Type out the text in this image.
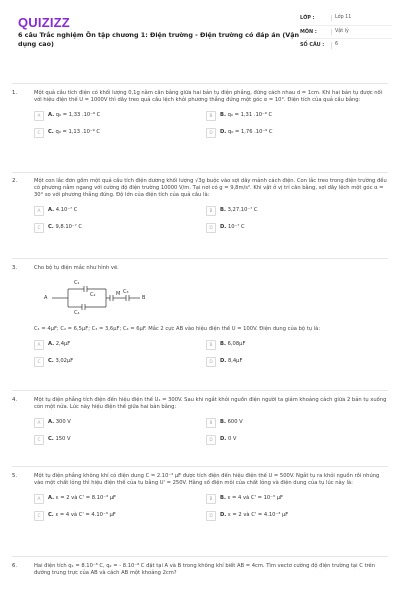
QUIZIZZ
6 câu Trắc nghiệm Ôn tập chương 1: Điện trường - Điện trường có đáp án (Vận dụng cao)
LỚP :	Lớp 11
MÔN :	Vật lý
SỐ CÂU :	6
1.	Một quả cầu tích điện có khối lượng 0,1g nằm cân bằng giữa hai bản tụ điện phẳng, đứng cách nhau d = 1cm. Khi hai bản tụ được nối với hiệu điện thế U = 1000V thì dây treo quả cầu lệch khỏi phương thẳng đứng một góc α = 10°. Điện tích của quả cầu bằng:
A	A. q₀ = 1,33 .10⁻⁹ C	B	B. q₀ = 1,31 .10⁻⁹ C
C	C. q₀ = 1,13 .10⁻⁹ C	D	D. q₀ = 1,76 .10⁻⁹ C
2.	Một con lắc đơn gồm một quả cầu tích điện dương khối lượng √3g buộc vào sợi dây mảnh cách điện. Con lắc treo trong điện trường đều có phương nằm ngang với cường độ điện trường 10000 V/m. Tại nơi có g = 9,8m/s². Khi vật ở vị trí cân bằng, sợi dây lệch một góc α = 30° so với phương thẳng đứng. Độ lớn của điện tích của quả cầu là:
A	A. 4.10⁻⁷ C	B	B. 3,27.10⁻⁷ C
C	C. 9,8.10⁻⁷ C	D	D. 10⁻⁷ C
3.	Cho bộ tụ điện mắc như hình vẽ.
A	B
M
C₁
C₂	C₃
C₄
C₁ = 4μF; C₂ = 6,5μF; C₃ = 3,6μF; C₄ = 6μF. Mắc 2 cực AB vào hiệu điện thế U = 100V. Điện dung của bộ tụ là:
A	A. 2,4μF	B	B. 6,08μF
C	C. 3,02μF	D	D. 8,4μF
4.	Một tụ điện phẳng tích điện đến hiệu điện thế U₁ = 300V. Sau khi ngắt khỏi nguồn điện người ta giảm khoảng cách giữa 2 bản tụ xuống còn một nửa. Lúc này hiệu điện thế giữa hai bản bằng:
A	A. 300 V	B	B. 600 V
C	C. 150 V	D	D. 0 V
5.	Một tụ điện phẳng không khí có điện dung C = 2.10⁻³ μF được tích điện đến hiệu điện thế U = 500V. Ngắt tụ ra khỏi nguồn rồi nhúng vào một chất lỏng thì hiệu điện thế của tụ bằng U' = 250V. Hằng số điện môi của chất lỏng và điện dung của tụ lúc này là:
A	A. ε = 2 và C' = 8.10⁻³ μF	B	B. ε = 4 và C' = 10⁻³ μF
C	C. ε = 4 và C' = 4.10⁻³ μF	D	D. ε = 2 và C' = 4.10⁻³ μF
6.	Hai điện tích q₁ = 8.10⁻⁸ C, q₂ = - 8.10⁻⁸ C đặt tại A và B trong không khí biết AB = 4cm. Tìm vectơ cường độ điện trường tại C trên đường trung trực của AB và cách AB một khoảng 2cm?
